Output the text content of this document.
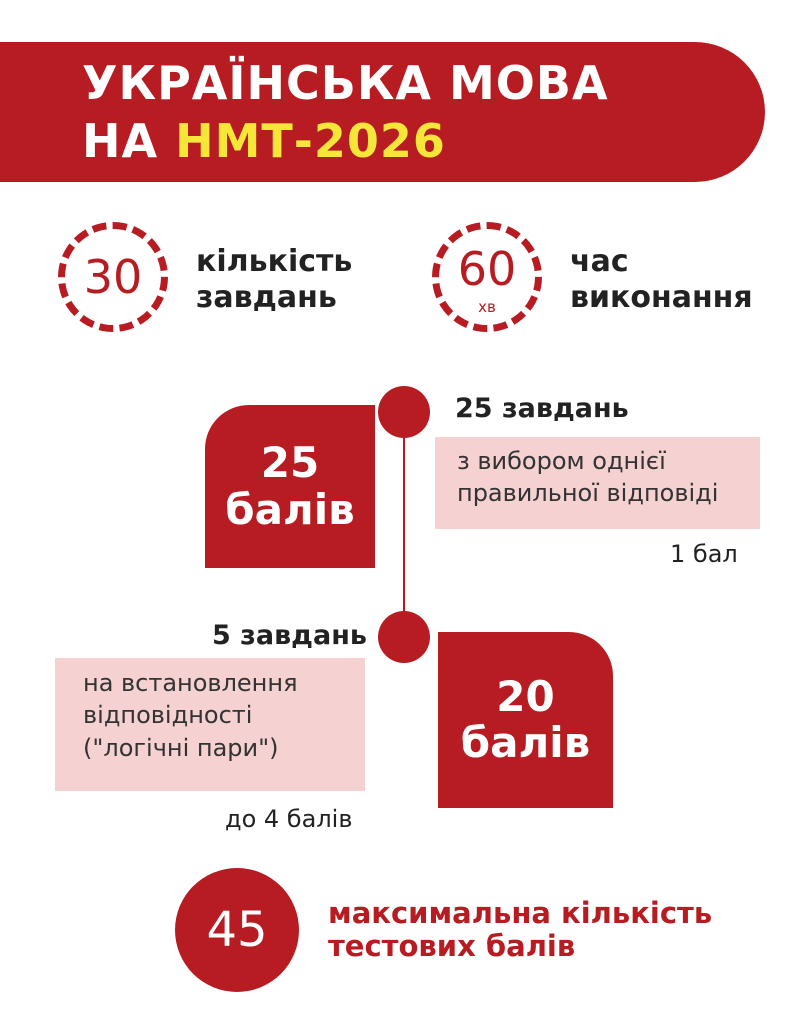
УКРАЇНСЬКА МОВА
НА НМТ-2026
30	кількість
завдань
60
хв
час
виконання
25
балів
25 завдань
з вибором однієї
правильної відповіді
1 бал
20
балів
5 завдань
на встановлення
відповідності
("логічні пари")
до 4 балів
45	максимальна кількість
тестових балів
